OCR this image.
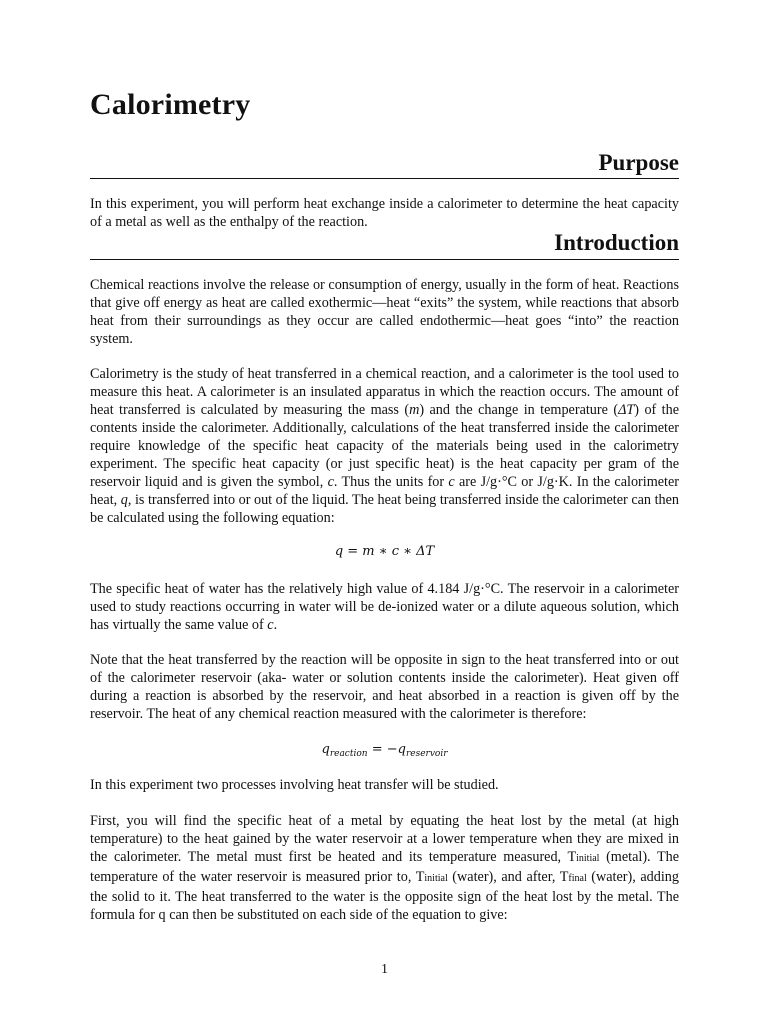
Calorimetry
Purpose

In this experiment, you will perform heat exchange inside a calorimeter to determine the heat capacity of a metal as well as the enthalpy of the reaction.

Introduction

Chemical reactions involve the release or consumption of energy, usually in the form of heat. Reactions that give off energy as heat are called exothermic—heat “exits” the system, while reactions that absorb heat from their surroundings as they occur are called endothermic—heat goes “into” the reaction system.

Calorimetry is the study of heat transferred in a chemical reaction, and a calorimeter is the tool used to measure this heat. A calorimeter is an insulated apparatus in which the reaction occurs. The amount of heat transferred is calculated by measuring the mass (m) and the change in temperature (ΔT) of the contents inside the calorimeter. Additionally, calculations of the heat transferred inside the calorimeter require knowledge of the specific heat capacity of the materials being used in the calorimetry experiment. The specific heat capacity (or just specific heat) is the heat capacity per gram of the reservoir liquid and is given the symbol, c. Thus the units for c are J/g·°C or J/g·K. In the calorimeter heat, q, is transferred into or out of the liquid. The heat being transferred inside the calorimeter can then be calculated using the following equation:

q = m ∗ c ∗ ΔT

The specific heat of water has the relatively high value of 4.184 J/g·°C. The reservoir in a calorimeter used to study reactions occurring in water will be de-ionized water or a dilute aqueous solution, which has virtually the same value of c.

Note that the heat transferred by the reaction will be opposite in sign to the heat transferred into or out of the calorimeter reservoir (aka- water or solution contents inside the calorimeter). Heat given off during a reaction is absorbed by the reservoir, and heat absorbed in a reaction is given off by the reservoir. The heat of any chemical reaction measured with the calorimeter is therefore:

$q_{reaction} = -q_{reservoir}$

In this experiment two processes involving heat transfer will be studied.

First, you will find the specific heat of a metal by equating the heat lost by the metal (at high temperature) to the heat gained by the water reservoir at a lower temperature when they are mixed in the calorimeter. The metal must first be heated and its temperature measured, Tinitial (metal). The temperature of the water reservoir is measured prior to, Tinitial (water), and after, Tfinal (water), adding the solid to it. The heat transferred to the water is the opposite sign of the heat lost by the metal. The formula for q can then be substituted on each side of the equation to give:

1
